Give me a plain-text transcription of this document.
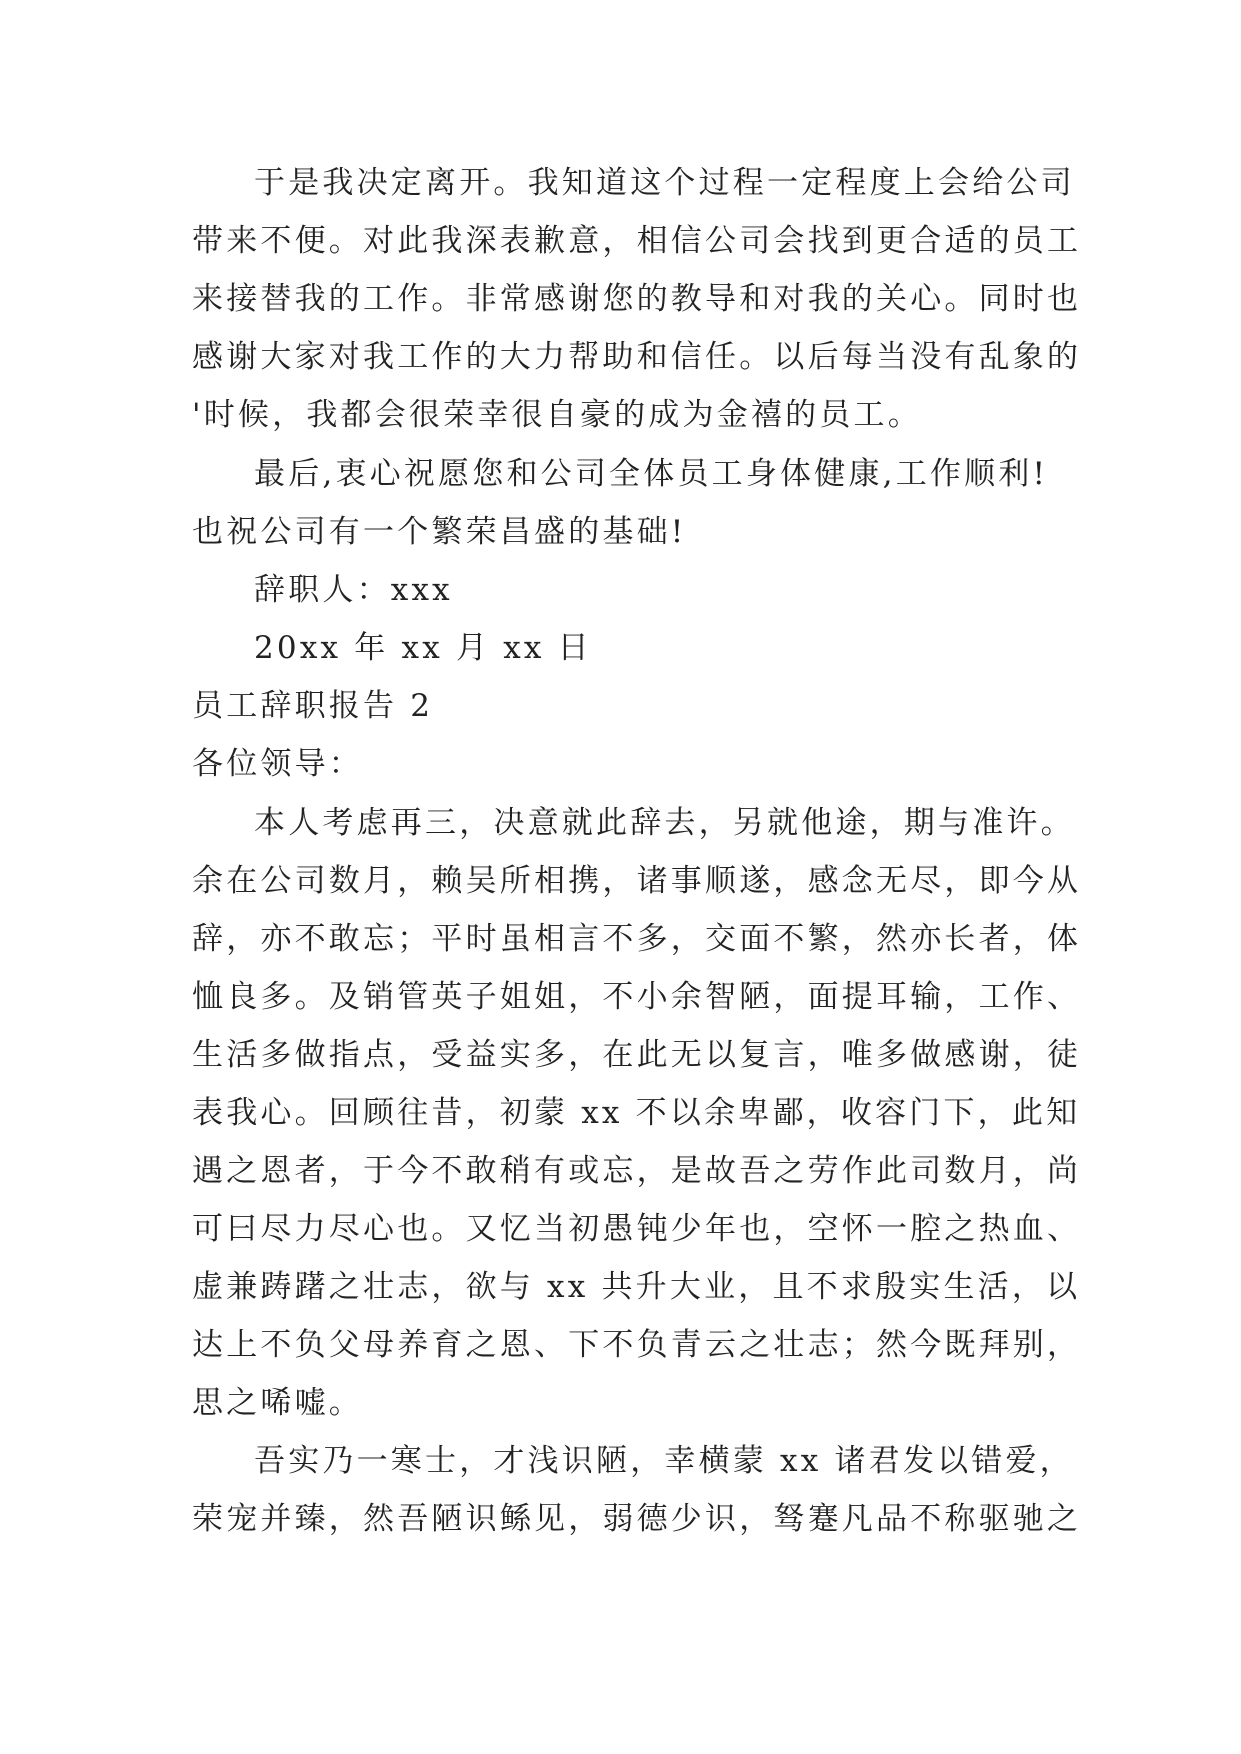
于是我决定离开。我知道这个过程一定程度上会给公司
带来不便。对此我深表歉意，相信公司会找到更合适的员工
来接替我的工作。非常感谢您的教导和对我的关心。同时也
感谢大家对我工作的大力帮助和信任。以后每当没有乱象的
'时候，我都会很荣幸很自豪的成为金禧的员工。
最后,衷心祝愿您和公司全体员工身体健康,工作顺利!
也祝公司有一个繁荣昌盛的基础!
辞职人：xxx
20xx 年 xx 月 xx 日
员工辞职报告 2
各位领导：
本人考虑再三，决意就此辞去，另就他途，期与准许。
余在公司数月，赖吴所相携，诸事顺遂，感念无尽，即今从
辞，亦不敢忘；平时虽相言不多，交面不繁，然亦长者，体
恤良多。及销管英子姐姐，不小余智陋，面提耳输，工作、
生活多做指点，受益实多，在此无以复言，唯多做感谢，徒
表我心。回顾往昔，初蒙 xx 不以余卑鄙，收容门下，此知
遇之恩者，于今不敢稍有或忘，是故吾之劳作此司数月，尚
可曰尽力尽心也。又忆当初愚钝少年也，空怀一腔之热血、
虚兼踌躇之壮志，欲与 xx 共升大业，且不求殷实生活，以
达上不负父母养育之恩、下不负青云之壮志；然今既拜别，
思之唏嘘。
吾实乃一寒士，才浅识陋，幸横蒙 xx 诸君发以错爱，
荣宠并臻，然吾陋识鲧见，弱德少识，驽蹇凡品不称驱驰之
